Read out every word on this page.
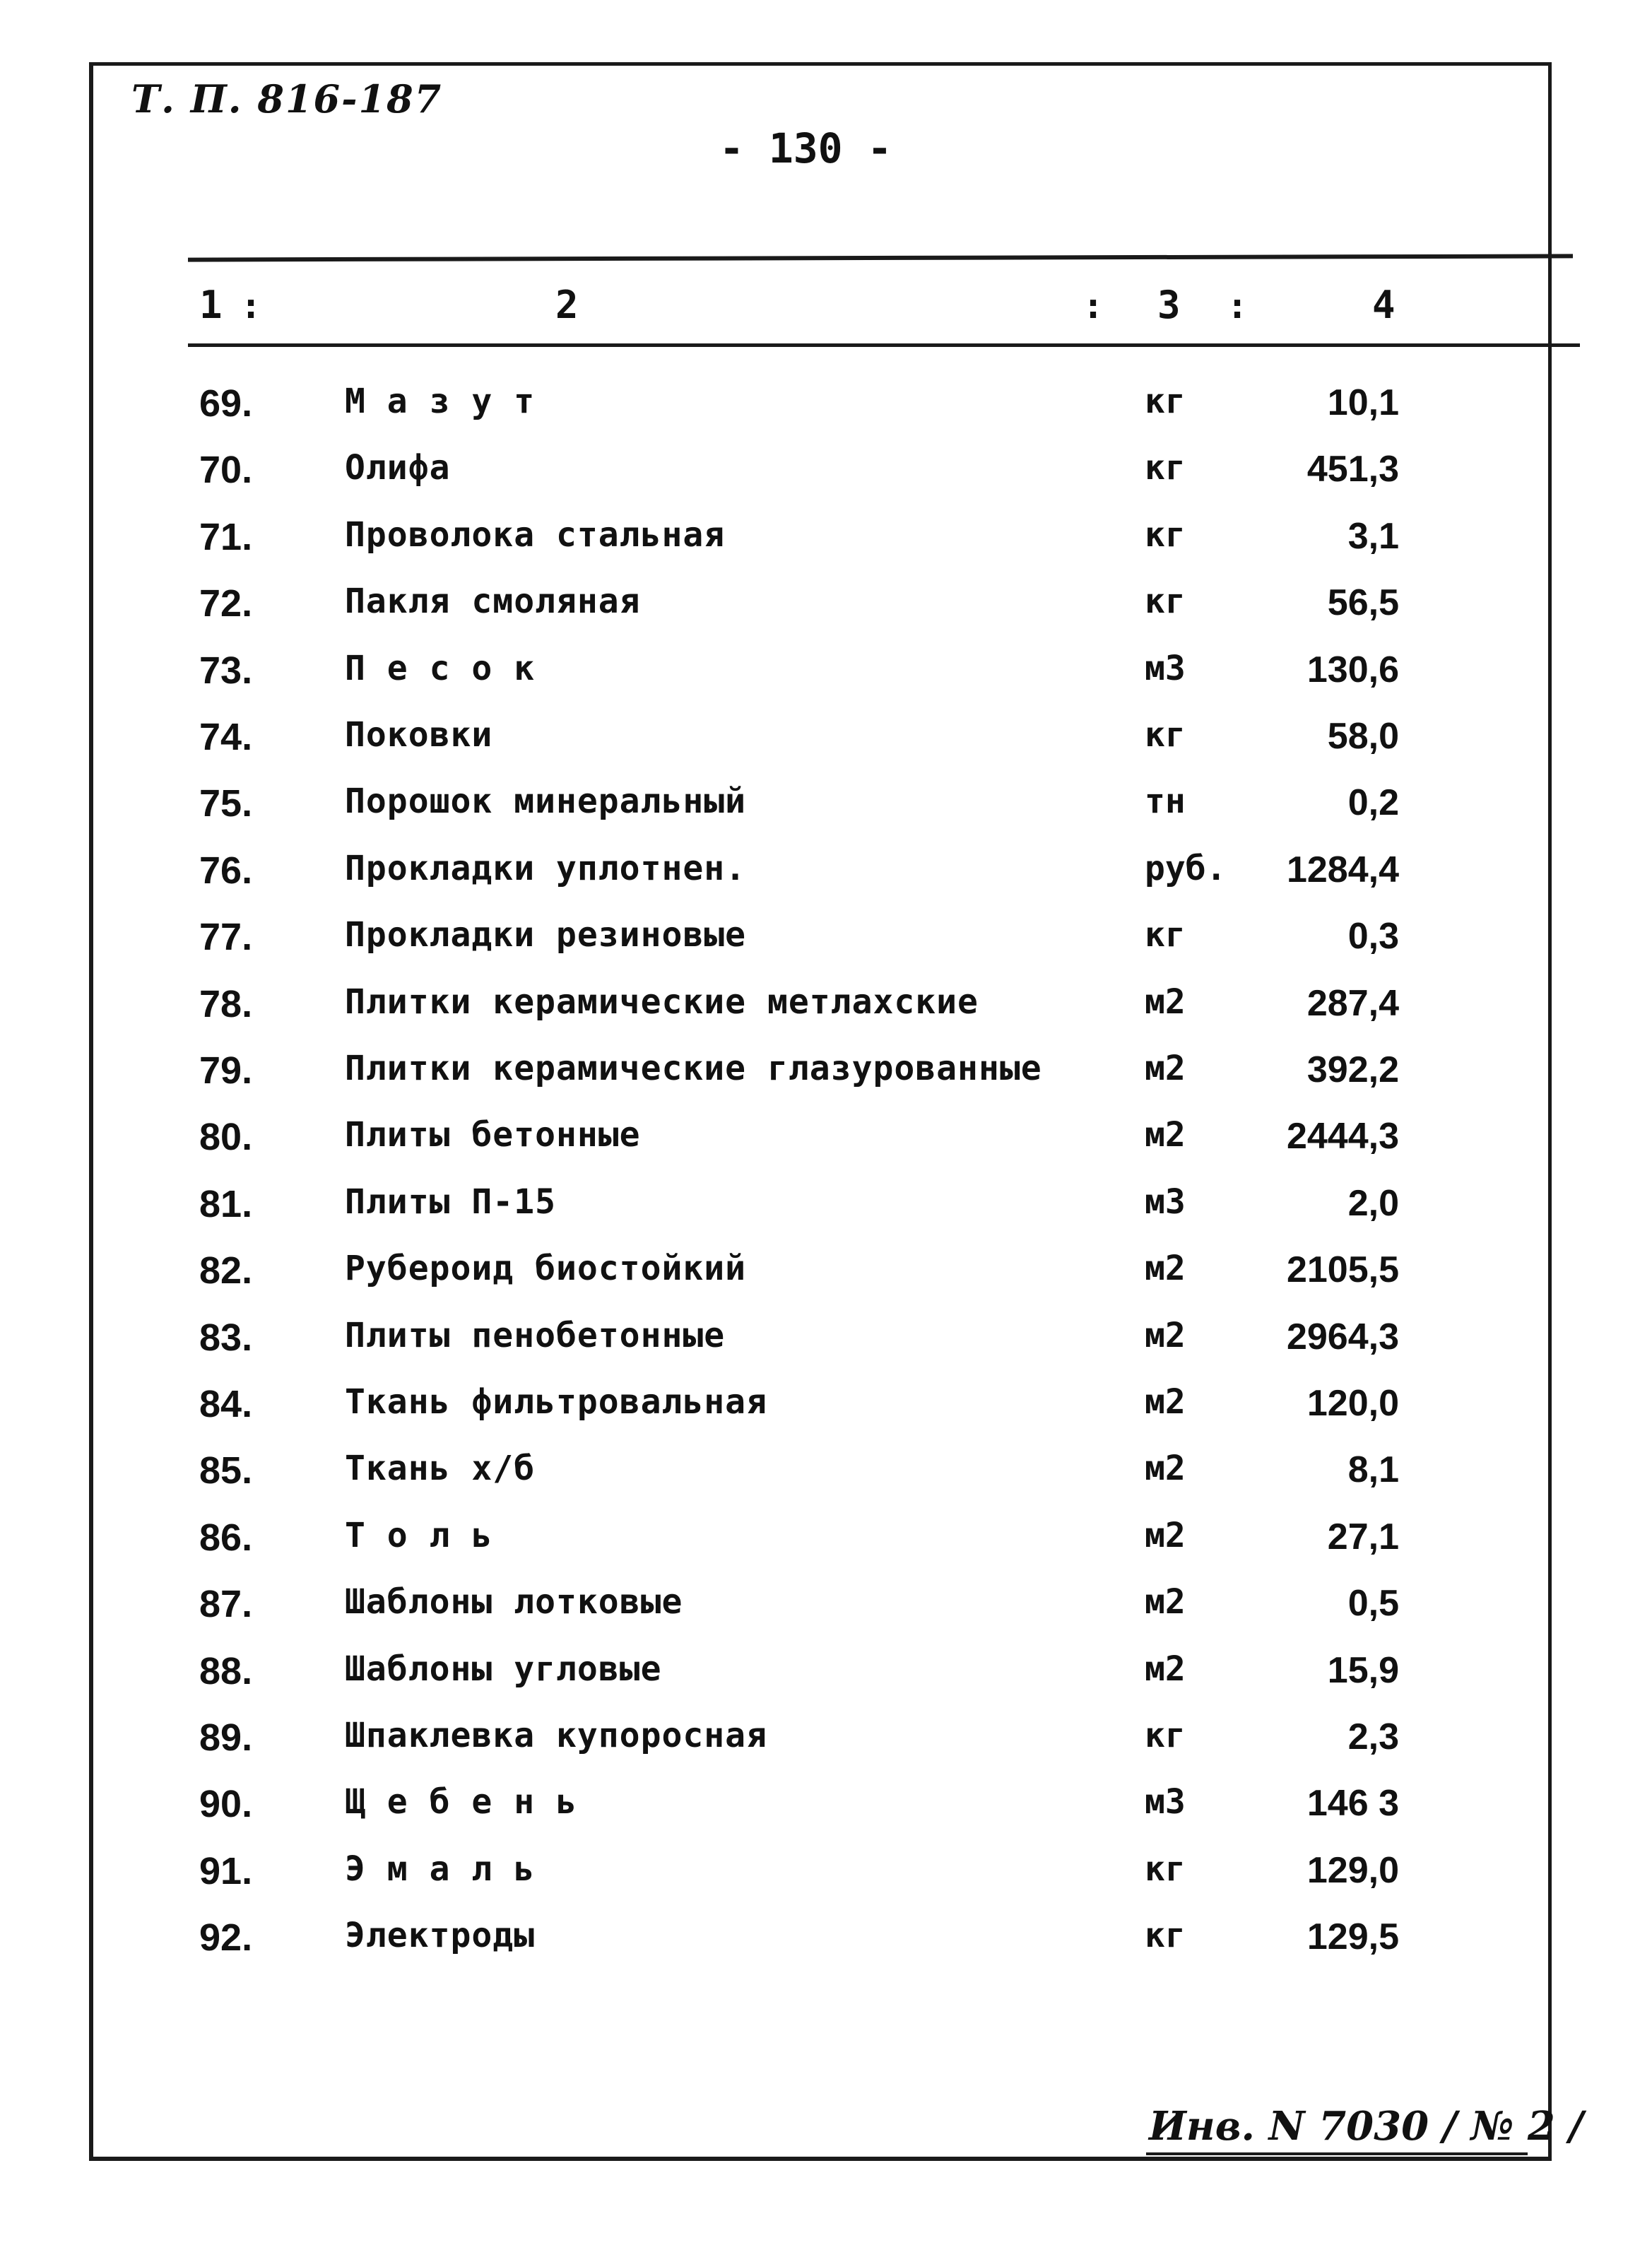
Т. П. 816-187
- 130 -
1 :	2	: 3 :	4
69.	М а з у т	кг	10,1
70.	Олифа	кг	451,3
71.	Проволока стальная	кг	3,1
72.	Пакля смоляная	кг	56,5
73.	П е с о к	м3	130,6
74.	Поковки	кг	58,0
75.	Порошок минеральный	тн	0,2
76.	Прокладки уплотнен.	руб. 1284,4
77.	Прокладки резиновые	кг	0,3
78.	Плитки керамические метлахские	м2	287,4
79.	Плитки керамические глазурованные	м2	392,2
80.	Плиты бетонные	м2	2444,3
81.	Плиты П-15	м3	2,0
82.	Рубероид биостойкий	м2	2105,5
83.	Плиты пенобетонные	м2	2964,3
84.	Ткань фильтровальная	м2	120,0
85.	Ткань х/б	м2	8,1
86.	Т о л ь	м2	27,1
87.	Шаблоны лотковые	м2	0,5
88.	Шаблоны угловые	м2	15,9
89.	Шпаклевка купоросная	кг	2,3
90.	Щ е б е н ь	м3	146 3
91.	Э м а л ь	кг	129,0
92.	Электроды	кг	129,5
Инв. N 7030 / № 2 /
